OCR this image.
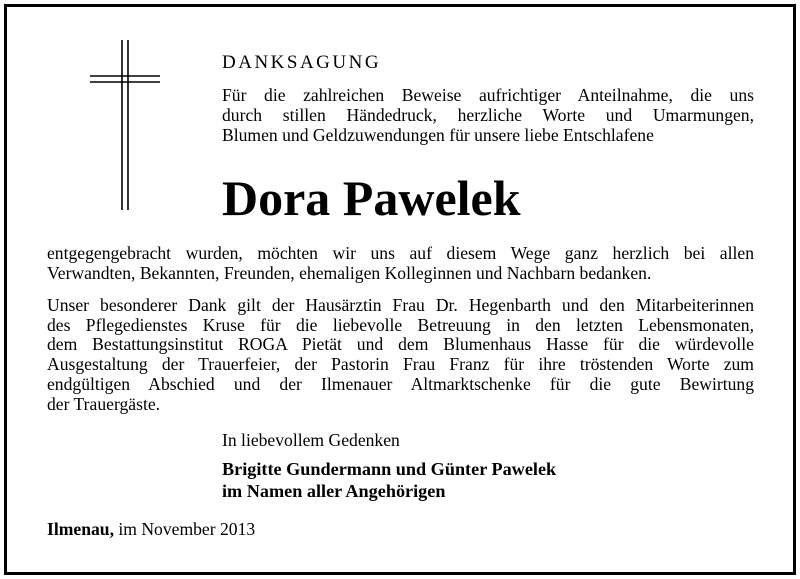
DANKSAGUNG
Für die zahlreichen Beweise aufrichtiger Anteilnahme, die uns
durch stillen Händedruck, herzliche Worte und Umarmungen,
Blumen und Geldzuwendungen für unsere liebe Entschlafene
Dora Pawelek
entgegengebracht wurden, möchten wir uns auf diesem Wege ganz herzlich bei allen
Verwandten, Bekannten, Freunden, ehemaligen Kolleginnen und Nachbarn bedanken.
Unser besonderer Dank gilt der Hausärztin Frau Dr. Hegenbarth und den Mitarbeiterinnen
des Pflegedienstes Kruse für die liebevolle Betreuung in den letzten Lebensmonaten,
dem Bestattungsinstitut ROGA Pietät und dem Blumenhaus Hasse für die würdevolle
Ausgestaltung der Trauerfeier, der Pastorin Frau Franz für ihre tröstenden Worte zum
endgültigen Abschied und der Ilmenauer Altmarktschenke für die gute Bewirtung
der Trauergäste.
In liebevollem Gedenken
Brigitte Gundermann und Günter Pawelek
im Namen aller Angehörigen
Ilmenau, im November 2013
